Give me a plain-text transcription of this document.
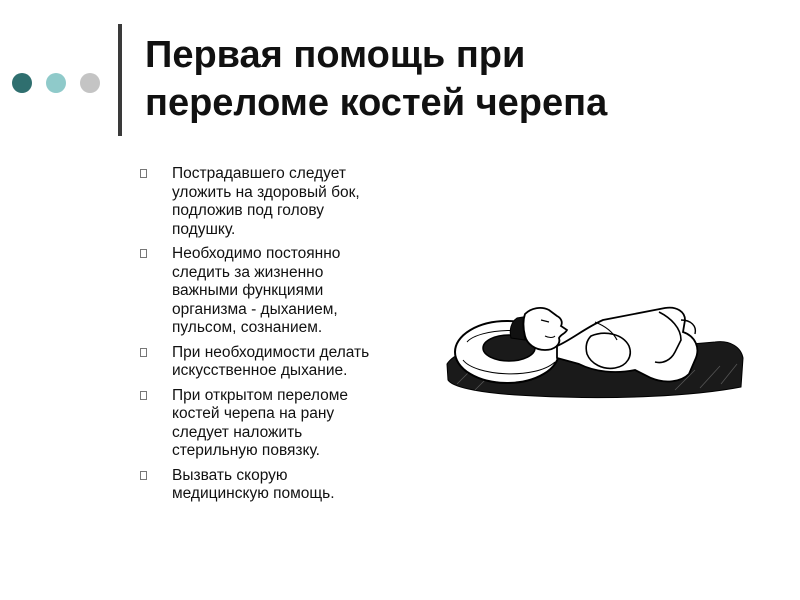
Первая помощь при
переломе костей черепа
Пострадавшего следует
уложить на здоровый бок,
подложив под голову
подушку.
Необходимо постоянно
следить за жизненно
важными функциями
организма - дыханием,
пульсом, сознанием.
При необходимости делать
искусственное дыхание.
При открытом переломе
костей черепа на рану
следует наложить
стерильную повязку.
Вызвать скорую
медицинскую помощь.
